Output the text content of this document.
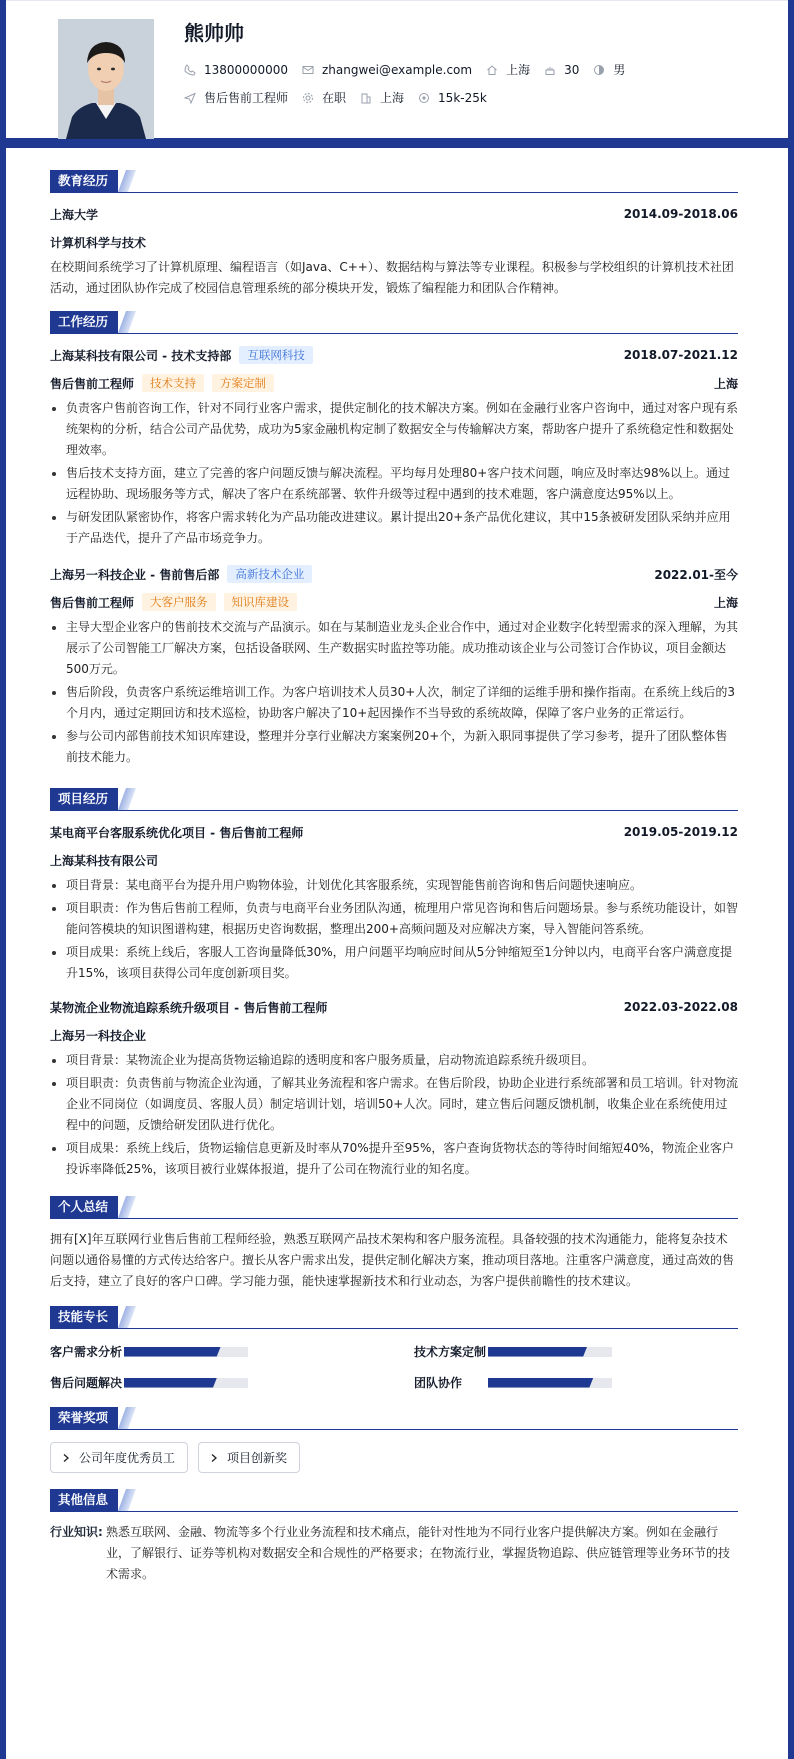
熊帅帅
13800000000	zhangwei@example.com	上海	30	男
售后售前工程师	在职	上海	15k-25k
教育经历
上海大学	2014.09-2018.06
计算机科学与技术
在校期间系统学习了计算机原理、编程语言（如Java、C++）、数据结构与算法等专业课程。积极参与学校组织的计算机技术社团活动，通过团队协作完成了校园信息管理系统的部分模块开发，锻炼了编程能力和团队合作精神。
工作经历
上海某科技有限公司 - 技术支持部	互联网科技	2018.07-2021.12
售后售前工程师	技术支持	方案定制	上海
负责客户售前咨询工作，针对不同行业客户需求，提供定制化的技术解决方案。例如在金融行业客户咨询中，通过对客户现有系统架构的分析，结合公司产品优势，成功为5家金融机构定制了数据安全与传输解决方案，帮助客户提升了系统稳定性和数据处理效率。
售后技术支持方面，建立了完善的客户问题反馈与解决流程。平均每月处理80+客户技术问题，响应及时率达98%以上。通过远程协助、现场服务等方式，解决了客户在系统部署、软件升级等过程中遇到的技术难题，客户满意度达95%以上。
与研发团队紧密协作，将客户需求转化为产品功能改进建议。累计提出20+条产品优化建议，其中15条被研发团队采纳并应用于产品迭代，提升了产品市场竞争力。
上海另一科技企业 - 售前售后部	高新技术企业	2022.01-至今
售后售前工程师	大客户服务	知识库建设	上海
主导大型企业客户的售前技术交流与产品演示。如在与某制造业龙头企业合作中，通过对企业数字化转型需求的深入理解，为其展示了公司智能工厂解决方案，包括设备联网、生产数据实时监控等功能。成功推动该企业与公司签订合作协议，项目金额达500万元。
售后阶段，负责客户系统运维培训工作。为客户培训技术人员30+人次，制定了详细的运维手册和操作指南。在系统上线后的3个月内，通过定期回访和技术巡检，协助客户解决了10+起因操作不当导致的系统故障，保障了客户业务的正常运行。
参与公司内部售前技术知识库建设，整理并分享行业解决方案案例20+个，为新入职同事提供了学习参考，提升了团队整体售前技术能力。
项目经历
某电商平台客服系统优化项目 - 售后售前工程师	2019.05-2019.12
上海某科技有限公司
项目背景：某电商平台为提升用户购物体验，计划优化其客服系统，实现智能售前咨询和售后问题快速响应。
项目职责：作为售后售前工程师，负责与电商平台业务团队沟通，梳理用户常见咨询和售后问题场景。参与系统功能设计，如智能问答模块的知识图谱构建，根据历史咨询数据，整理出200+高频问题及对应解决方案，导入智能问答系统。
项目成果：系统上线后，客服人工咨询量降低30%，用户问题平均响应时间从5分钟缩短至1分钟以内，电商平台客户满意度提升15%，该项目获得公司年度创新项目奖。
某物流企业物流追踪系统升级项目 - 售后售前工程师	2022.03-2022.08
上海另一科技企业
项目背景：某物流企业为提高货物运输追踪的透明度和客户服务质量，启动物流追踪系统升级项目。
项目职责：负责售前与物流企业沟通，了解其业务流程和客户需求。在售后阶段，协助企业进行系统部署和员工培训。针对物流企业不同岗位（如调度员、客服人员）制定培训计划，培训50+人次。同时，建立售后问题反馈机制，收集企业在系统使用过程中的问题，反馈给研发团队进行优化。
项目成果：系统上线后，货物运输信息更新及时率从70%提升至95%，客户查询货物状态的等待时间缩短40%，物流企业客户投诉率降低25%，该项目被行业媒体报道，提升了公司在物流行业的知名度。
个人总结
拥有[X]年互联网行业售后售前工程师经验，熟悉互联网产品技术架构和客户服务流程。具备较强的技术沟通能力，能将复杂技术问题以通俗易懂的方式传达给客户。擅长从客户需求出发，提供定制化解决方案，推动项目落地。注重客户满意度，通过高效的售后支持，建立了良好的客户口碑。学习能力强，能快速掌握新技术和行业动态，为客户提供前瞻性的技术建议。
技能专长
客户需求分析	技术方案定制
售后问题解决	团队协作
荣誉奖项
公司年度优秀员工	项目创新奖
其他信息
行业知识: 熟悉互联网、金融、物流等多个行业业务流程和技术痛点，能针对性地为不同行业客户提供解决方案。例如在金融行业，了解银行、证券等机构对数据安全和合规性的严格要求；在物流行业，掌握货物追踪、供应链管理等业务环节的技术需求。
